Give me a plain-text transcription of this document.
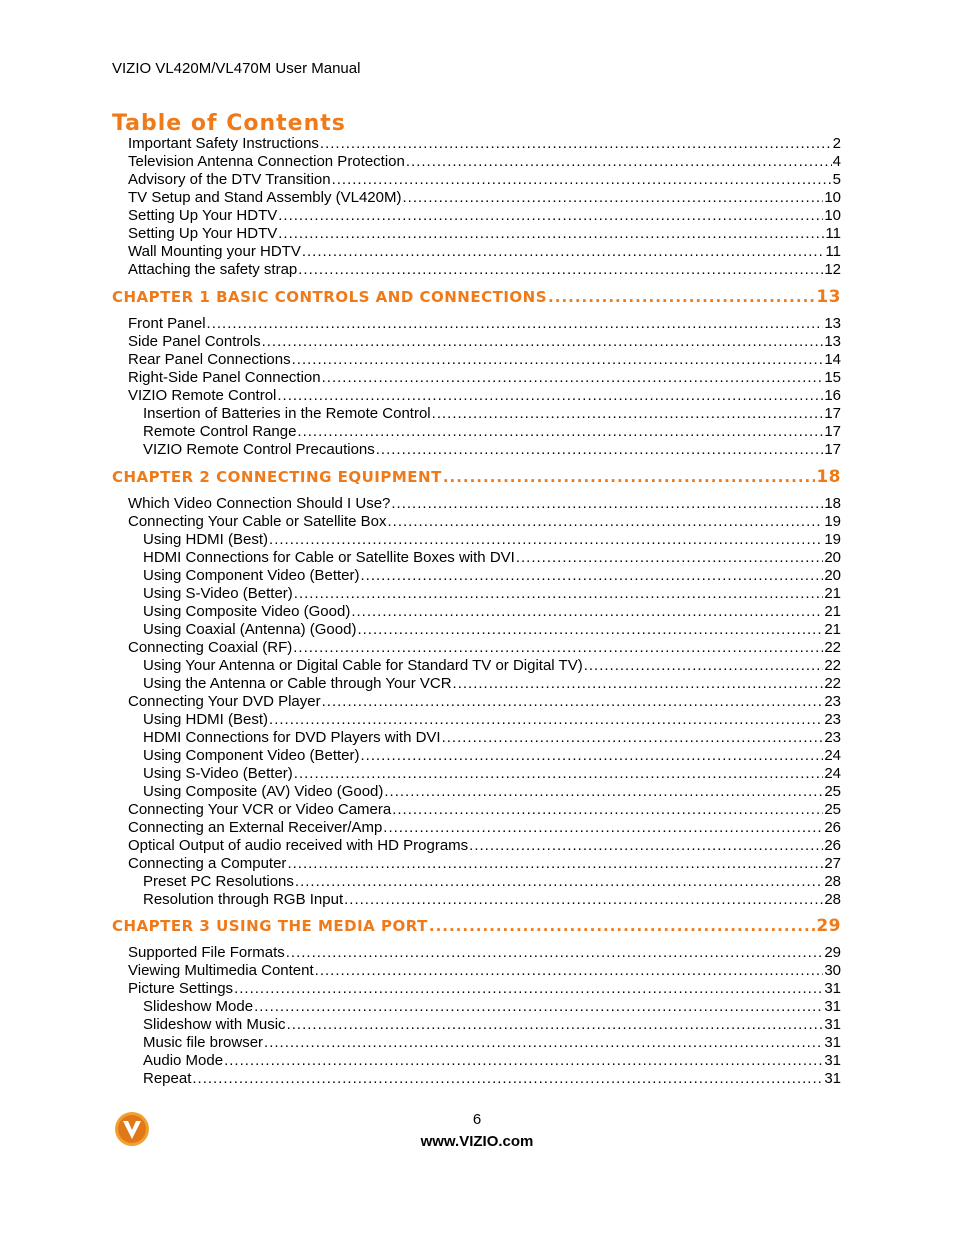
VIZIO VL420M/VL470M User Manual
Table of Contents
Important Safety Instructions .....	2
Television Antenna Connection Protection .....	4
Advisory of the DTV Transition .....	5
TV Setup and Stand Assembly (VL420M) .....	10
Setting Up Your HDTV .....	10
Setting Up Your HDTV .....	11
Wall Mounting your HDTV .....	11
Attaching the safety strap .....	12
CHAPTER 1 BASIC CONTROLS AND CONNECTIONS .....	13
Front Panel .....	13
Side Panel Controls .....	13
Rear Panel Connections .....	14
Right-Side Panel Connection .....	15
VIZIO Remote Control .....	16
Insertion of Batteries in the Remote Control .....	17
Remote Control Range .....	17
VIZIO Remote Control Precautions .....	17
CHAPTER 2 CONNECTING EQUIPMENT .....	18
Which Video Connection Should I Use? .....	18
Connecting Your Cable or Satellite Box .....	19
Using HDMI (Best) .....	19
HDMI Connections for Cable or Satellite Boxes with DVI .....	20
Using Component Video (Better) .....	20
Using S-Video (Better) .....	21
Using Composite Video (Good) .....	21
Using Coaxial (Antenna) (Good) .....	21
Connecting Coaxial (RF) .....	22
Using Your Antenna or Digital Cable for Standard TV or Digital TV) .....	22
Using the Antenna or Cable through Your VCR .....	22
Connecting Your DVD Player .....	23
Using HDMI (Best) .....	23
HDMI Connections for DVD Players with DVI .....	23
Using Component Video (Better) .....	24
Using S-Video (Better) .....	24
Using Composite (AV) Video (Good) .....	25
Connecting Your VCR or Video Camera .....	25
Connecting an External Receiver/Amp .....	26
Optical Output of audio received with HD Programs .....	26
Connecting a Computer .....	27
Preset PC Resolutions .....	28
Resolution through RGB Input .....	28
CHAPTER 3 USING THE MEDIA PORT .....	29
Supported File Formats .....	29
Viewing Multimedia Content .....	30
Picture Settings .....	31
Slideshow Mode .....	31
Slideshow with Music .....	31
Music file browser .....	31
Audio Mode .....	31
Repeat .....	31
6
www.VIZIO.com
